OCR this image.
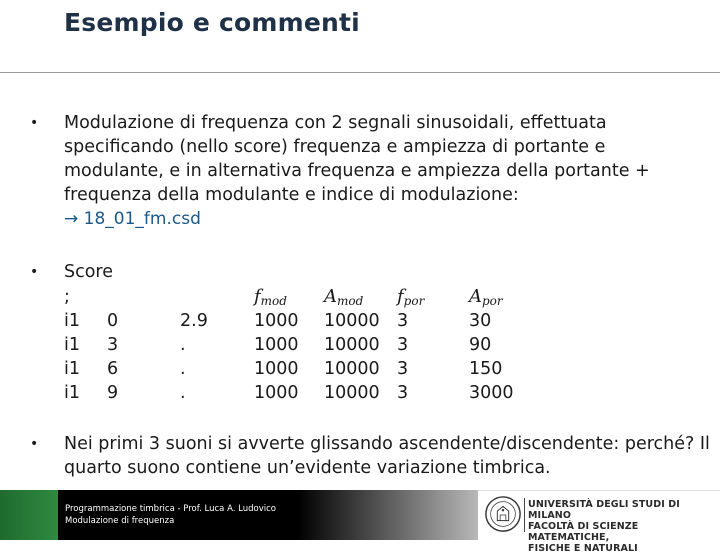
Esempio e commenti
• Modulazione di frequenza con 2 segnali sinusoidali, effettuata specificando (nello score) frequenza e ampiezza di portante e modulante, e in alternativa frequenza e ampiezza della portante + frequenza della modulante e indice di modulazione:
→ 18_01_fm.csd
• Score
;	$f_{mod}$ $A_{mod}$ $f_{por}$ $A_{por}$
i1 0	2.9	1000 10000 3	30
i1 3	.	1000 10000 3	90
i1 6	.	1000 10000 3	150
i1 9	.	1000 10000 3	3000
• Nei primi 3 suoni si avverte glissando ascendente/discendente: perché? Il quarto suono contiene un’evidente variazione timbrica.
Programmazione timbrica - Prof. Luca A. Ludovico
Modulazione di frequenza
UNIVERSITÀ DEGLI STUDI DI MILANO
FACOLTÀ DI SCIENZE MATEMATICHE,
FISICHE E NATURALI
